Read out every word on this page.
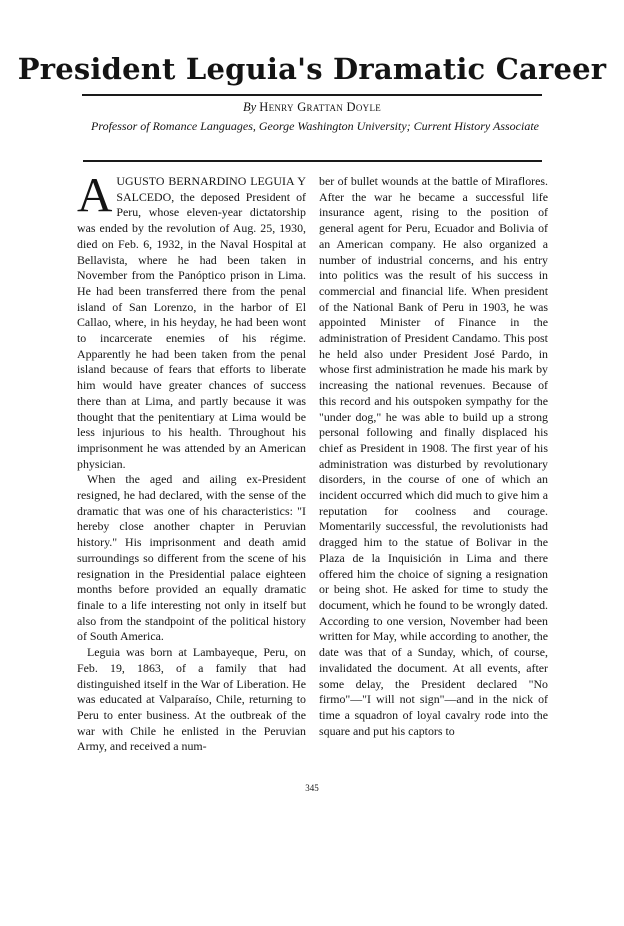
President Leguia's Dramatic Career
By Henry Grattan Doyle
Professor of Romance Languages, George Washington University; Current History Associate

AUGUSTO BERNARDINO LEGUIA Y SALCEDO, the deposed President of Peru, whose eleven-year dictatorship was ended by the revolution of Aug. 25, 1930, died on Feb. 6, 1932, in the Naval Hospital at Bellavista, where he had been taken in November from the Panóptico prison in Lima. He had been transferred there from the penal island of San Lorenzo, in the harbor of El Callao, where, in his heyday, he had been wont to incarcerate enemies of his régime. Apparently he had been taken from the penal island because of fears that efforts to liberate him would have greater chances of success there than at Lima, and partly because it was thought that the penitentiary at Lima would be less injurious to his health. Throughout his imprisonment he was attended by an American physician.

When the aged and ailing ex-President resigned, he had declared, with the sense of the dramatic that was one of his characteristics: "I hereby close another chapter in Peruvian history." His imprisonment and death amid surroundings so different from the scene of his resignation in the Presidential palace eighteen months before provided an equally dramatic finale to a life interesting not only in itself but also from the standpoint of the political history of South America.

Leguia was born at Lambayeque, Peru, on Feb. 19, 1863, of a family that had distinguished itself in the War of Liberation. He was educated at Valparaíso, Chile, returning to Peru to enter business. At the outbreak of the war with Chile he enlisted in the Peruvian Army, and received a num-

ber of bullet wounds at the battle of Miraflores. After the war he became a successful life insurance agent, rising to the position of general agent for Peru, Ecuador and Bolivia of an American company. He also organized a number of industrial concerns, and his entry into politics was the result of his success in commercial and financial life. When president of the National Bank of Peru in 1903, he was appointed Minister of Finance in the administration of President Candamo. This post he held also under President José Pardo, in whose first administration he made his mark by increasing the national revenues. Because of this record and his outspoken sympathy for the "under dog," he was able to build up a strong personal following and finally displaced his chief as President in 1908. The first year of his administration was disturbed by revolutionary disorders, in the course of one of which an incident occurred which did much to give him a reputation for coolness and courage. Momentarily successful, the revolutionists had dragged him to the statue of Bolivar in the Plaza de la Inquisición in Lima and there offered him the choice of signing a resignation or being shot. He asked for time to study the document, which he found to be wrongly dated. According to one version, November had been written for May, while according to another, the date was that of a Sunday, which, of course, invalidated the document. At all events, after some delay, the President declared "No firmo"—"I will not sign"—and in the nick of time a squadron of loyal cavalry rode into the square and put his captors to

345
